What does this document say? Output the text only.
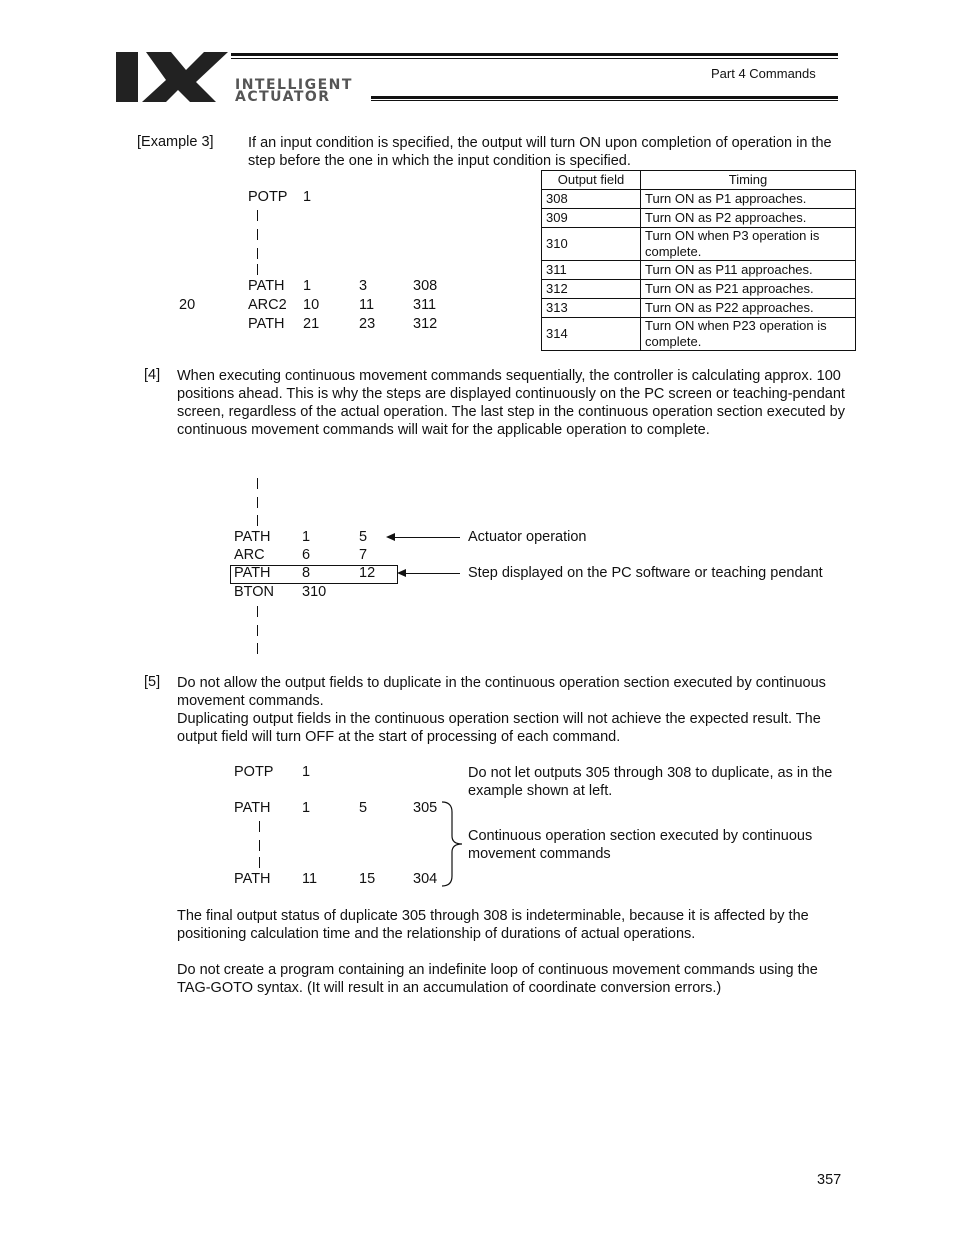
INTELLIGENT
ACTUATOR
Part 4 Commands
[Example 3] If an input condition is specified, the output will turn ON upon completion of operation in the step before the one in which the input condition is specified.
POTP 1
PATH 1	3	308
20	ARC2 10	11	311
PATH 21	23	312
Output field	Timing
308	Turn ON as P1 approaches.
309	Turn ON as P2 approaches.
310	Turn ON when P3 operation is complete.
311	Turn ON as P11 approaches.
312	Turn ON as P21 approaches.
313	Turn ON as P22 approaches.
314	Turn ON when P23 operation is complete.
[4] When executing continuous movement commands sequentially, the controller is calculating approx. 100 positions ahead. This is why the steps are displayed continuously on the PC screen or teaching-pendant screen, regardless of the actual operation. The last step in the continuous operation section executed by continuous movement commands will wait for the applicable operation to complete.
PATH 1	5
ARC	6	7
PATH 8	12
BTON 310
Actuator operation
Step displayed on the PC software or teaching pendant
[5] Do not allow the output fields to duplicate in the continuous operation section executed by continuous movement commands.
Duplicating output fields in the continuous operation section will not achieve the expected result. The output field will turn OFF at the start of processing of each command.
POTP 1
PATH 1	5	305
PATH 11	15	304
Do not let outputs 305 through 308 to duplicate, as in the example shown at left.
Continuous operation section executed by continuous movement commands
The final output status of duplicate 305 through 308 is indeterminable, because it is affected by the positioning calculation time and the relationship of durations of actual operations.
Do not create a program containing an indefinite loop of continuous movement commands using the TAG-GOTO syntax. (It will result in an accumulation of coordinate conversion errors.)
357
